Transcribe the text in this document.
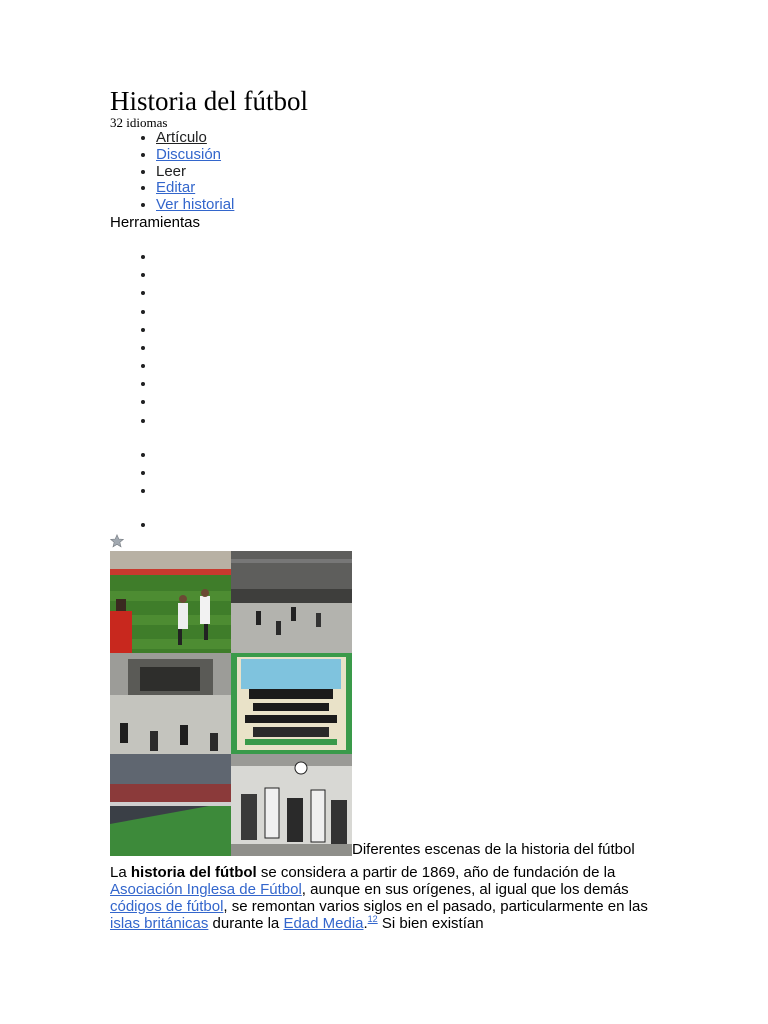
Historia del fútbol
32 idiomas
• Artículo
• Discusión
• Leer
• Editar
• Ver historial
Herramientas
•
•
•
•
•
•
•
•
•
•
•
•
•
•
Diferentes escenas de la historia del fútbol
La historia del fútbol se considera a partir de 1869, año de fundación de la Asociación Inglesa de Fútbol, aunque en sus orígenes, al igual que los demás códigos de fútbol, se remontan varios siglos en el pasado, particularmente en las islas británicas durante la Edad Media.$^{12}$ Si bien existían
